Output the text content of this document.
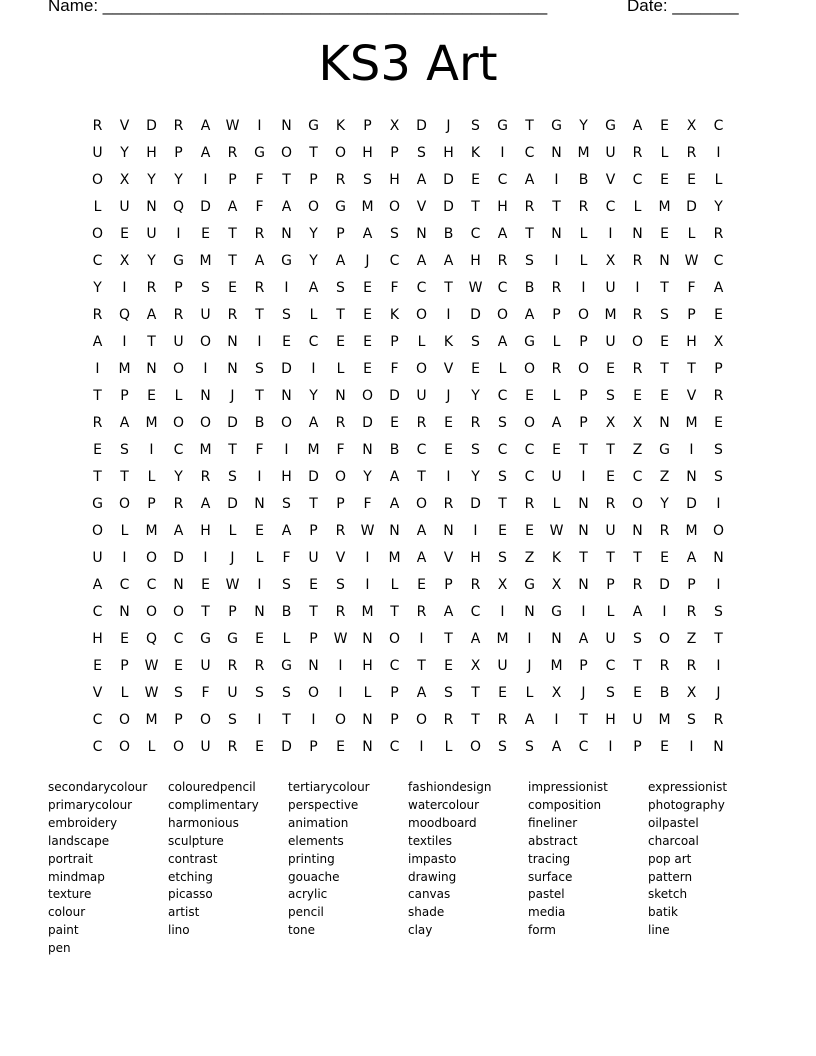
Name: _______________________________________________	Date: _______
KS3 Art
R	V	D	R	A	W	I	N	G	K	P	X	D	J	S	G	T	G	Y	G	A	E	X	C
U	Y	H	P	A	R	G	O	T	O	H	P	S	H	K	I	C	N	M	U	R	L	R	I
O	X	Y	Y	I	P	F	T	P	R	S	H	A	D	E	C	A	I	B	V	C	E	E	L
L	U	N	Q	D	A	F	A	O	G	M	O	V	D	T	H	R	T	R	C	L	M	D	Y
O	E	U	I	E	T	R	N	Y	P	A	S	N	B	C	A	T	N	L	I	N	E	L	R
C	X	Y	G	M	T	A	G	Y	A	J	C	A	A	H	R	S	I	L	X	R	N	W	C
Y	I	R	P	S	E	R	I	A	S	E	F	C	T	W	C	B	R	I	U	I	T	F	A
R	Q	A	R	U	R	T	S	L	T	E	K	O	I	D	O	A	P	O	M	R	S	P	E
A	I	T	U	O	N	I	E	C	E	E	P	L	K	S	A	G	L	P	U	O	E	H	X
I	M	N	O	I	N	S	D	I	L	E	F	O	V	E	L	O	R	O	E	R	T	T	P
T	P	E	L	N	J	T	N	Y	N	O	D	U	J	Y	C	E	L	P	S	E	E	V	R
R	A	M	O	O	D	B	O	A	R	D	E	R	E	R	S	O	A	P	X	X	N	M	E
E	S	I	C	M	T	F	I	M	F	N	B	C	E	S	C	C	E	T	T	Z	G	I	S
T	T	L	Y	R	S	I	H	D	O	Y	A	T	I	Y	S	C	U	I	E	C	Z	N	S
G	O	P	R	A	D	N	S	T	P	F	A	O	R	D	T	R	L	N	R	O	Y	D	I
O	L	M	A	H	L	E	A	P	R	W	N	A	N	I	E	E	W	N	U	N	R	M	O
U	I	O	D	I	J	L	F	U	V	I	M	A	V	H	S	Z	K	T	T	T	E	A	N
A	C	C	N	E	W	I	S	E	S	I	L	E	P	R	X	G	X	N	P	R	D	P	I
C	N	O	O	T	P	N	B	T	R	M	T	R	A	C	I	N	G	I	L	A	I	R	S
H	E	Q	C	G	G	E	L	P	W	N	O	I	T	A	M	I	N	A	U	S	O	Z	T
E	P	W	E	U	R	R	G	N	I	H	C	T	E	X	U	J	M	P	C	T	R	R	I
V	L	W	S	F	U	S	S	O	I	L	P	A	S	T	E	L	X	J	S	E	B	X	J
C	O	M	P	O	S	I	T	I	O	N	P	O	R	T	R	A	I	T	H	U	M	S	R
C	O	L	O	U	R	E	D	P	E	N	C	I	L	O	S	S	A	C	I	P	E	I	N
secondarycolour
primarycolour
embroidery
landscape
portrait
mindmap
texture
colour
paint
pen
colouredpencil
complimentary
harmonious
sculpture
contrast
etching
picasso
artist
lino
tertiarycolour
perspective
animation
elements
printing
gouache
acrylic
pencil
tone
fashiondesign
watercolour
moodboard
textiles
impasto
drawing
canvas
shade
clay
impressionist
composition
fineliner
abstract
tracing
surface
pastel
media
form
expressionist
photography
oilpastel
charcoal
pop art
pattern
sketch
batik
line
